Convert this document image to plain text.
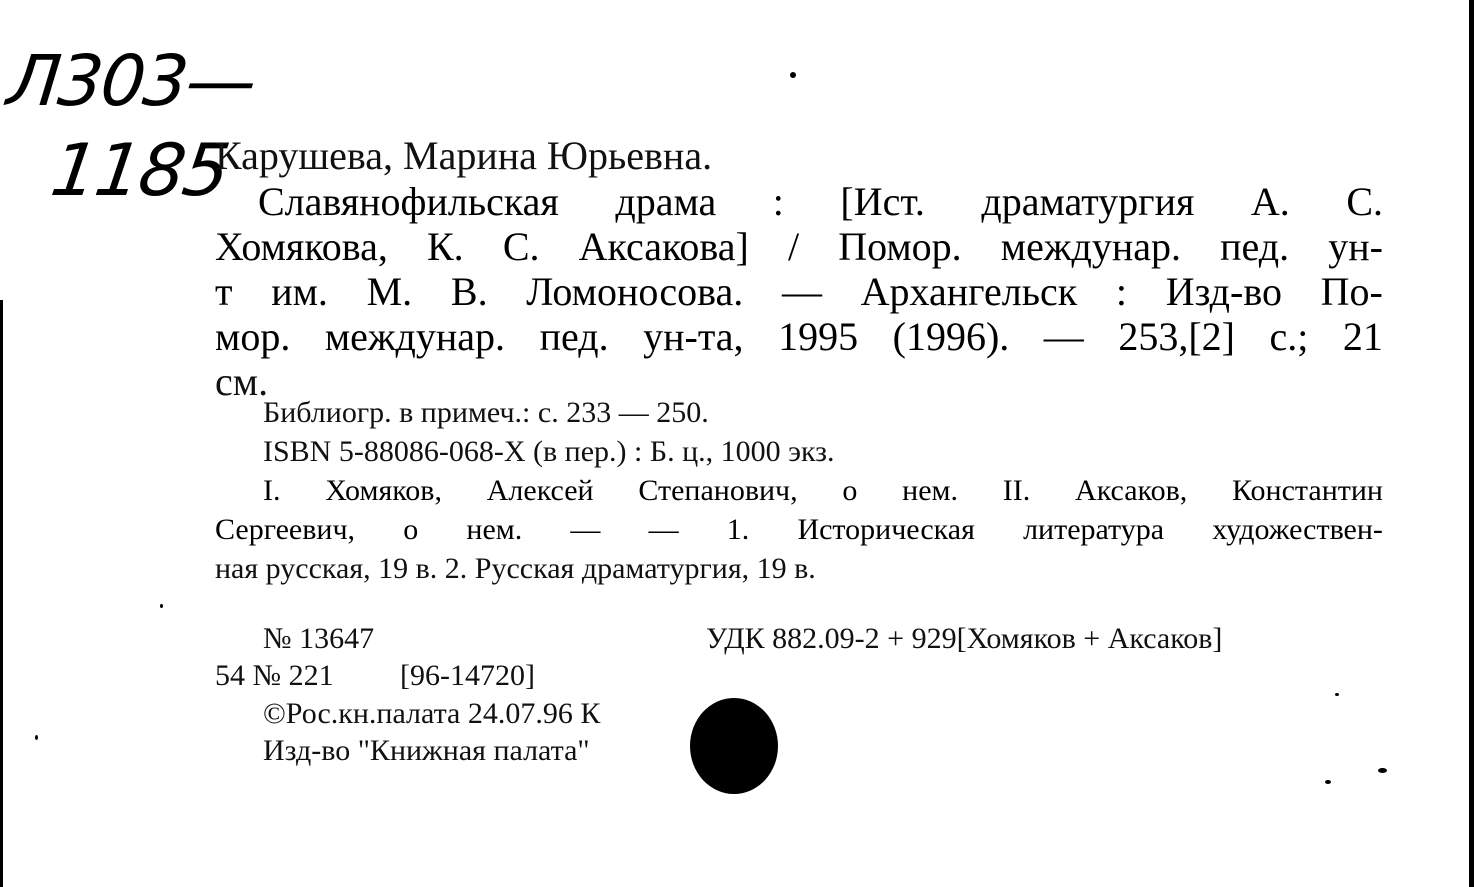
Л303—
1185
Карушева, Марина Юрьевна.
Славянофильская драма : [Ист. драматургия А. С.
Хомякова, К. С. Аксакова] / Помор. междунар. пед. ун-
т им. М. В. Ломоносова. — Архангельск : Изд-во По-
мор. междунар. пед. ун-та, 1995 (1996). — 253,[2] с.; 21
см.
Библиогр. в примеч.: с. 233 — 250.
ISBN 5-88086-068-X (в пер.) : Б. ц., 1000 экз.
I. Хомяков, Алексей Степанович, о нем. II. Аксаков, Константин
Сергеевич, о нем. — — 1. Историческая литература художествен-
ная русская, 19 в. 2. Русская драматургия, 19 в.
№ 13647	УДК 882.09-2 + 929[Хомяков + Аксаков]
54 № 221 [96-14720]
©Рос.кн.палата 24.07.96 К
Изд-во "Книжная палата"
